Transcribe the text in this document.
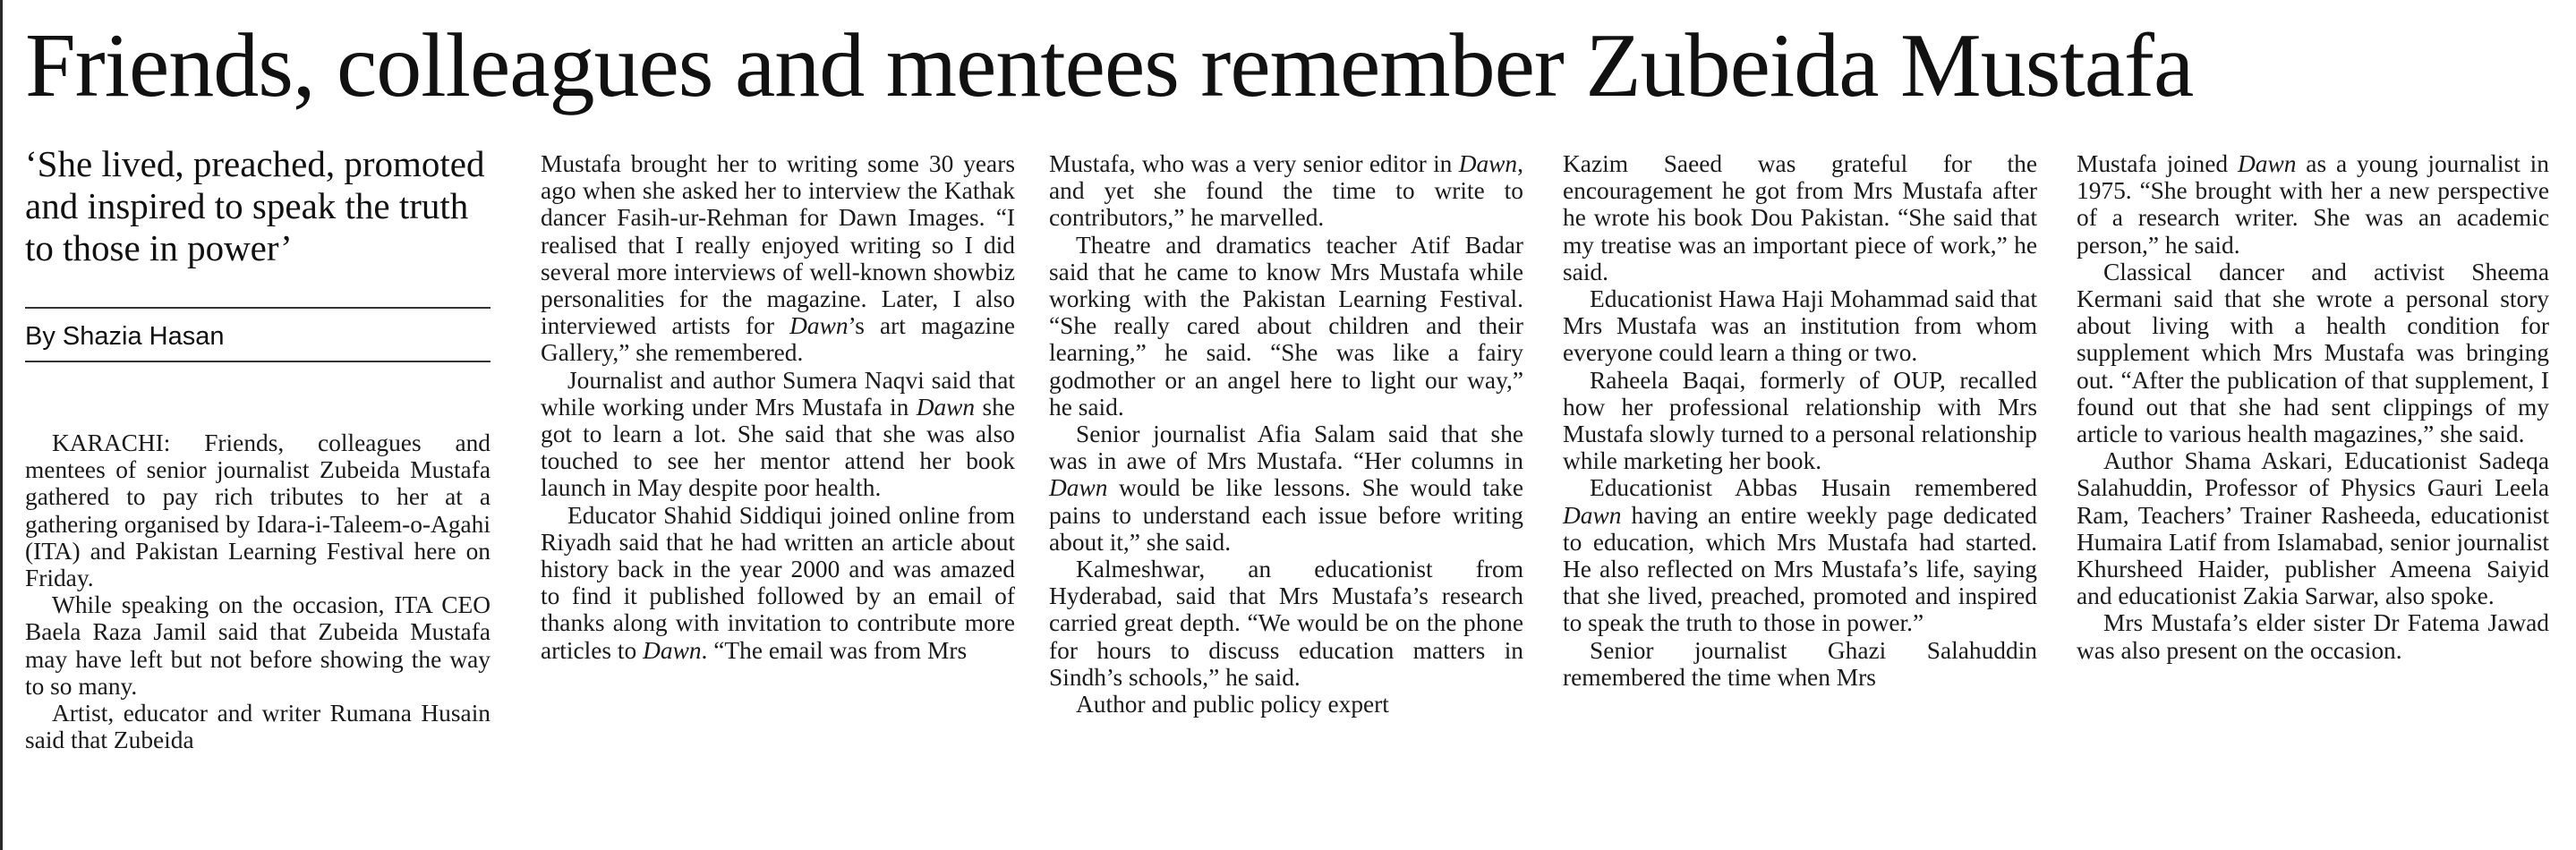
Friends, colleagues and mentees remember Zubeida Mustafa
‘She lived, preached, promoted and inspired to speak the truth to those in power’
By Shazia Hasan

KARACHI: Friends, colleagues and mentees of senior journalist Zubeida Mustafa gathered to pay rich tributes to her at a gathering organised by Idara-i-Taleem-o-Agahi (ITA) and Pakistan Learning Festival here on Friday.

While speaking on the occasion, ITA CEO Baela Raza Jamil said that Zubeida Mustafa may have left but not before showing the way to so many.

Artist, educator and writer Rumana Husain said that Zubeida

Mustafa brought her to writing some 30 years ago when she asked her to interview the Kathak dancer Fasih-ur-Rehman for Dawn Images. “I realised that I really enjoyed writing so I did several more interviews of well-known showbiz personalities for the magazine. Later, I also interviewed artists for Dawn’s art magazine Gallery,” she remembered.

Journalist and author Sumera Naqvi said that while working under Mrs Mustafa in Dawn she got to learn a lot. She said that she was also touched to see her mentor attend her book launch in May despite poor health.

Educator Shahid Siddiqui joined online from Riyadh said that he had written an article about history back in the year 2000 and was amazed to find it published followed by an email of thanks along with invitation to contribute more articles to Dawn. “The email was from Mrs

Mustafa, who was a very senior editor in Dawn, and yet she found the time to write to contributors,” he marvelled.

Theatre and dramatics teacher Atif Badar said that he came to know Mrs Mustafa while working with the Pakistan Learning Festival. “She really cared about children and their learning,” he said. “She was like a fairy godmother or an angel here to light our way,” he said.

Senior journalist Afia Salam said that she was in awe of Mrs Mustafa. “Her columns in Dawn would be like lessons. She would take pains to understand each issue before writing about it,” she said.

Kalmeshwar, an educationist from Hyderabad, said that Mrs Mustafa’s research carried great depth. “We would be on the phone for hours to discuss education matters in Sindh’s schools,” he said.

Author and public policy expert

Kazim Saeed was grateful for the encouragement he got from Mrs Mustafa after he wrote his book Dou Pakistan. “She said that my treatise was an important piece of work,” he said.

Educationist Hawa Haji Mohammad said that Mrs Mustafa was an institution from whom everyone could learn a thing or two.

Raheela Baqai, formerly of OUP, recalled how her professional relationship with Mrs Mustafa slowly turned to a personal relationship while marketing her book.

Educationist Abbas Husain remembered Dawn having an entire weekly page dedicated to education, which Mrs Mustafa had started. He also reflected on Mrs Mustafa’s life, saying that she lived, preached, promoted and inspired to speak the truth to those in power.”

Senior journalist Ghazi Salahuddin remembered the time when Mrs

Mustafa joined Dawn as a young journalist in 1975. “She brought with her a new perspective of a research writer. She was an academic person,” he said.

Classical dancer and activist Sheema Kermani said that she wrote a personal story about living with a health condition for supplement which Mrs Mustafa was bringing out. “After the publication of that supplement, I found out that she had sent clippings of my article to various health magazines,” she said.

Author Shama Askari, Educationist Sadeqa Salahuddin, Professor of Physics Gauri Leela Ram, Teachers’ Trainer Rasheeda, educationist Humaira Latif from Islamabad, senior journalist Khursheed Haider, publisher Ameena Saiyid and educationist Zakia Sarwar, also spoke.

Mrs Mustafa’s elder sister Dr Fatema Jawad was also present on the occasion.
